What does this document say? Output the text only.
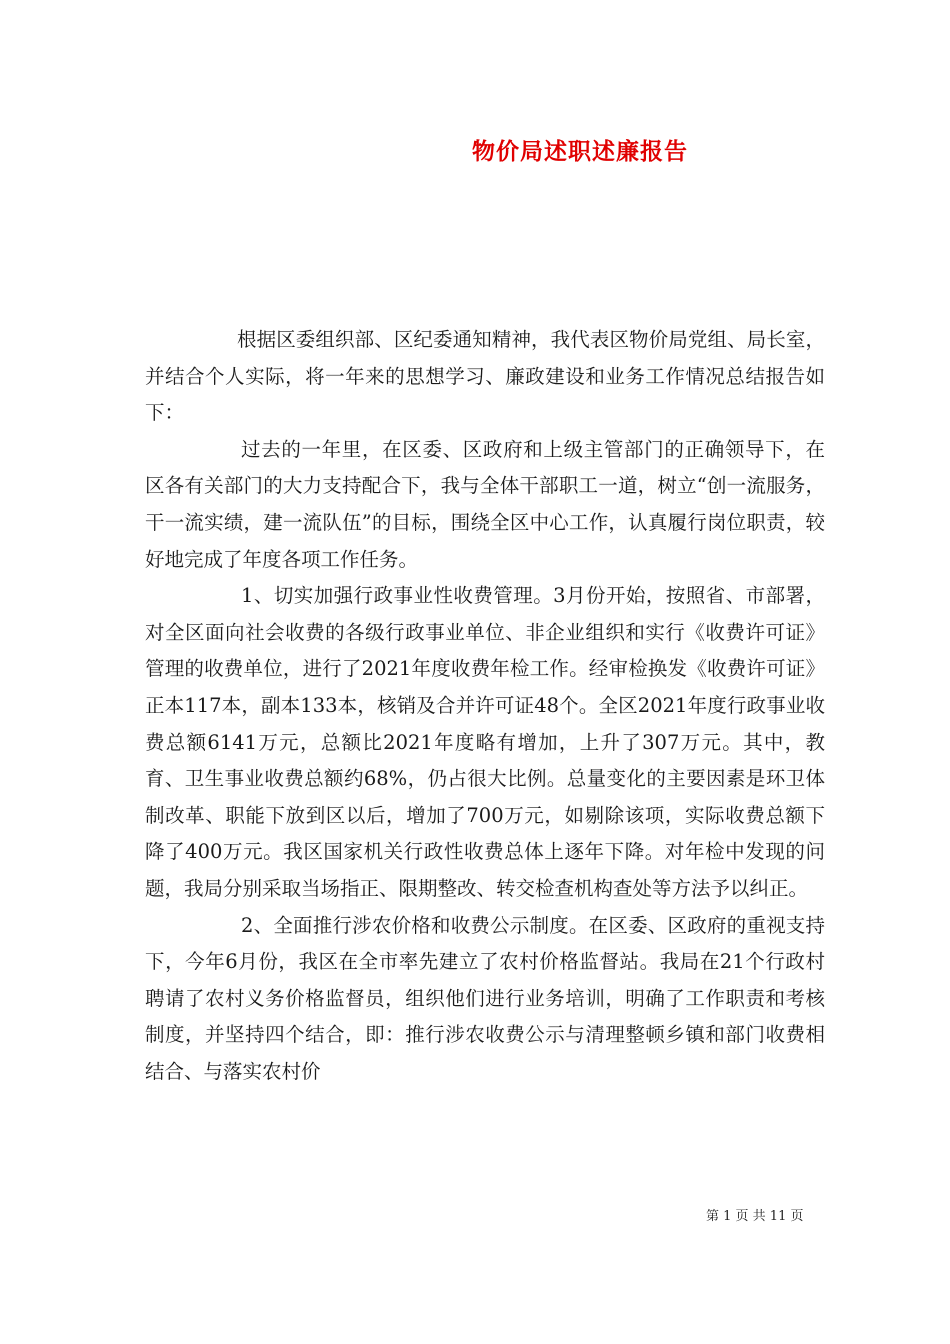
物价局述职述廉报告

根据区委组织部、区纪委通知精神，我代表区物价局党组、局长室，并结合个人实际，将一年来的思想学习、廉政建设和业务工作情况总结报告如下：

过去的一年里，在区委、区政府和上级主管部门的正确领导下，在区各有关部门的大力支持配合下，我与全体干部职工一道，树立“创一流服务，干一流实绩，建一流队伍”的目标，围绕全区中心工作，认真履行岗位职责，较好地完成了年度各项工作任务。

1、切实加强行政事业性收费管理。3月份开始，按照省、市部署，对全区面向社会收费的各级行政事业单位、非企业组织和实行《收费许可证》管理的收费单位，进行了2021年度收费年检工作。经审检换发《收费许可证》正本117本，副本133本，核销及合并许可证48个。全区2021年度行政事业收费总额6141万元，总额比2021年度略有增加，上升了307万元。其中，教育、卫生事业收费总额约68%，仍占很大比例。总量变化的主要因素是环卫体制改革、职能下放到区以后，增加了700万元，如剔除该项，实际收费总额下降了400万元。我区国家机关行政性收费总体上逐年下降。对年检中发现的问题，我局分别采取当场指正、限期整改、转交检查机构查处等方法予以纠正。

2、全面推行涉农价格和收费公示制度。在区委、区政府的重视支持下，今年6月份，我区在全市率先建立了农村价格监督站。我局在21个行政村聘请了农村义务价格监督员，组织他们进行业务培训，明确了工作职责和考核制度，并坚持四个结合，即：推行涉农收费公示与清理整顿乡镇和部门收费相结合、与落实农村价

第 1 页 共 11 页
